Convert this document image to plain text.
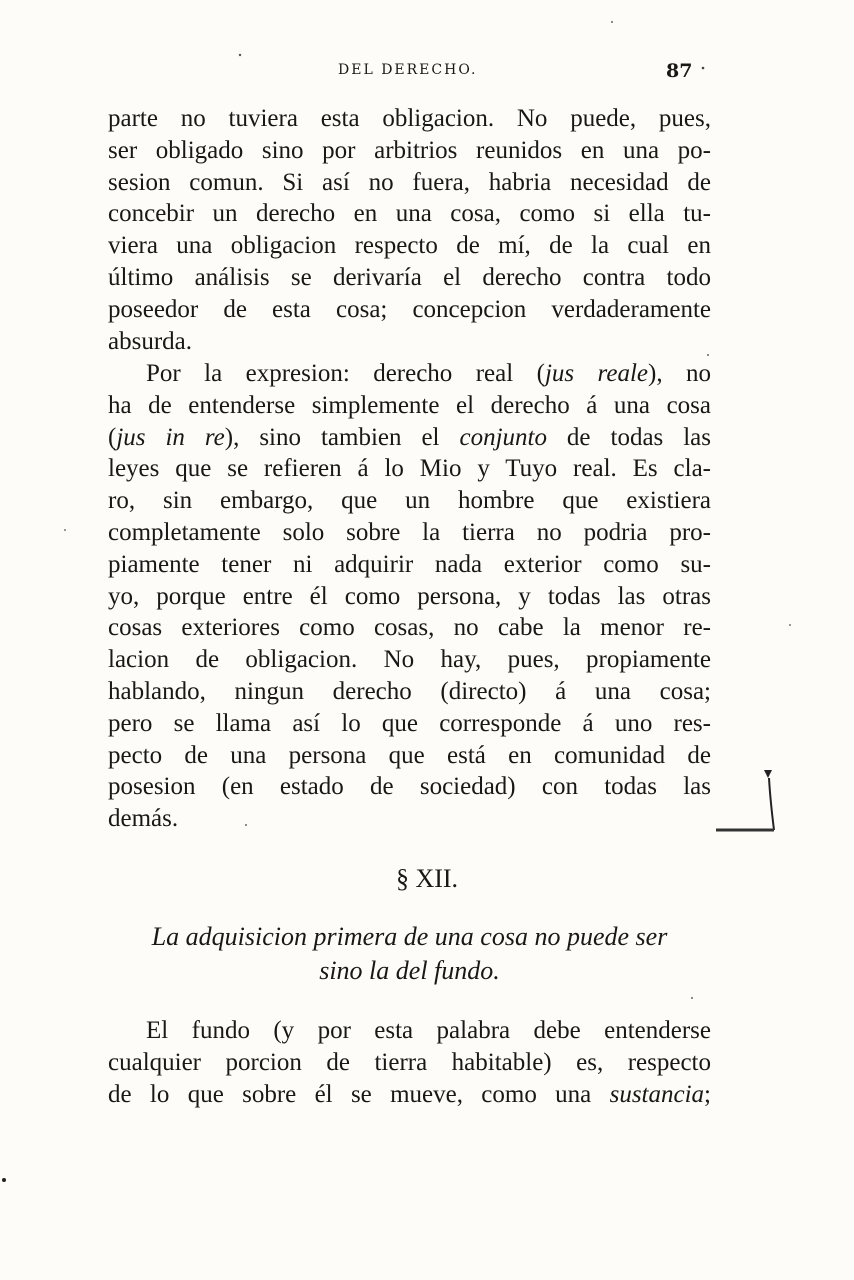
DEL DERECHO.	87
parte no tuviera esta obligacion. No puede, pues,
ser obligado sino por arbitrios reunidos en una po-
sesion comun. Si así no fuera, habria necesidad de
concebir un derecho en una cosa, como si ella tu-
viera una obligacion respecto de mí, de la cual en
último análisis se derivaría el derecho contra todo
poseedor de esta cosa; concepcion verdaderamente
absurda.
Por la expresion: derecho real (jus reale), no
ha de entenderse simplemente el derecho á una cosa
(jus in re), sino tambien el conjunto de todas las
leyes que se refieren á lo Mio y Tuyo real. Es cla-
ro, sin embargo, que un hombre que existiera
completamente solo sobre la tierra no podria pro-
piamente tener ni adquirir nada exterior como su-
yo, porque entre él como persona, y todas las otras
cosas exteriores como cosas, no cabe la menor re-
lacion de obligacion. No hay, pues, propiamente
hablando, ningun derecho (directo) á una cosa;
pero se llama así lo que corresponde á uno res-
pecto de una persona que está en comunidad de
posesion (en estado de sociedad) con todas las
demás.
§ XII.
La adquisicion primera de una cosa no puede ser
sino la del fundo.
El fundo (y por esta palabra debe entenderse
cualquier porcion de tierra habitable) es, respecto
de lo que sobre él se mueve, como una sustancia;
